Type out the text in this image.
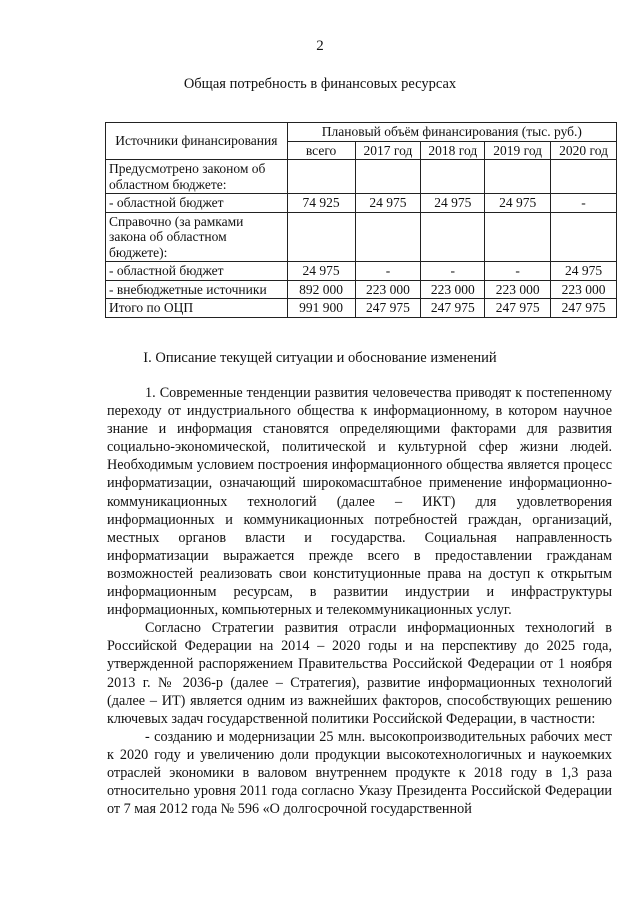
2
Общая потребность в финансовых ресурсах
Источники финансирования	Плановый объём финансирования (тыс. руб.)				
	всего	2017 год	2018 год	2019 год	2020 год
Предусмотрено законом об областном бюджете:					
- областной бюджет	74 925	24 975	24 975	24 975	-
Справочно (за рамками закона об областном бюджете):					
- областной бюджет	24 975	-	-	-	24 975
- внебюджетные источники	892 000	223 000	223 000	223 000	223 000
Итого по ОЦП	991 900	247 975	247 975	247 975	247 975
I. Описание текущей ситуации и обоснование изменений

1. Современные тенденции развития человечества приводят к постепенному переходу от индустриального общества к информационному, в котором научное знание и информация становятся определяющими факторами для развития социально-экономической, политической и культурной сфер жизни людей. Необходимым условием построения информационного общества является процесс информатизации, означающий широкомасштабное применение информационно-коммуникационных технологий (далее – ИКТ) для удовлетворения информационных и коммуникационных потребностей граждан, организаций, местных органов власти и государства. Социальная направленность информатизации выражается прежде всего в предоставлении гражданам возможностей реализовать свои конституционные права на доступ к открытым информационным ресурсам, в развитии индустрии и инфраструктуры информационных, компьютерных и телекоммуникационных услуг.

Согласно Стратегии развития отрасли информационных технологий в Российской Федерации на 2014 – 2020 годы и на перспективу до 2025 года, утвержденной распоряжением Правительства Российской Федерации от 1 ноября 2013 г. № 2036-р (далее – Стратегия), развитие информационных технологий (далее – ИТ) является одним из важнейших факторов, способствующих решению ключевых задач государственной политики Российской Федерации, в частности:

- созданию и модернизации 25 млн. высокопроизводительных рабочих мест к 2020 году и увеличению доли продукции высокотехнологичных и наукоемких отраслей экономики в валовом внутреннем продукте к 2018 году в 1,3 раза относительно уровня 2011 года согласно Указу Президента Российской Федерации от 7 мая 2012 года № 596 «О долгосрочной государственной
